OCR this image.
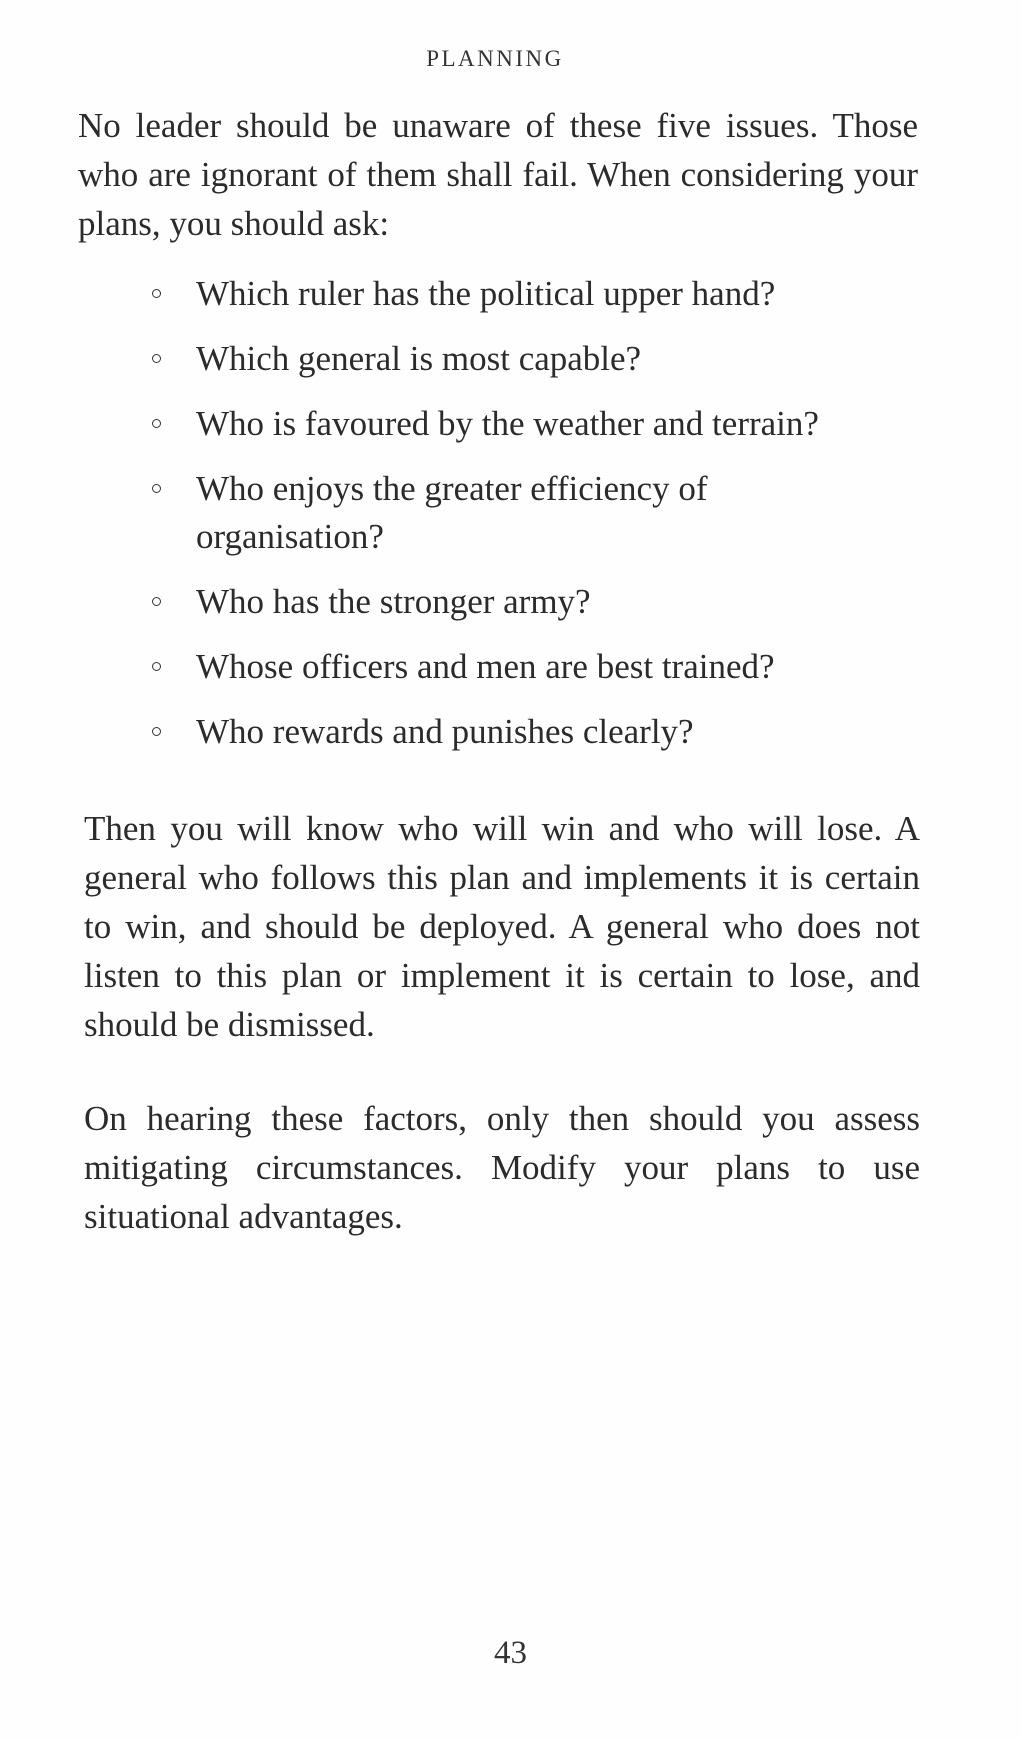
PLANNING

No leader should be unaware of these five issues. Those who are ignorant of them shall fail. When considering your plans, you should ask:

Which ruler has the political upper hand?
Which general is most capable?
Who is favoured by the weather and terrain?
Who enjoys the greater efficiency of organisation?
Who has the stronger army?
Whose officers and men are best trained?
Who rewards and punishes clearly?

Then you will know who will win and who will lose. A general who follows this plan and implements it is certain to win, and should be deployed. A general who does not listen to this plan or implement it is certain to lose, and should be dismissed.

On hearing these factors, only then should you assess mitigating circumstances. Modify your plans to use situational advantages.

43
